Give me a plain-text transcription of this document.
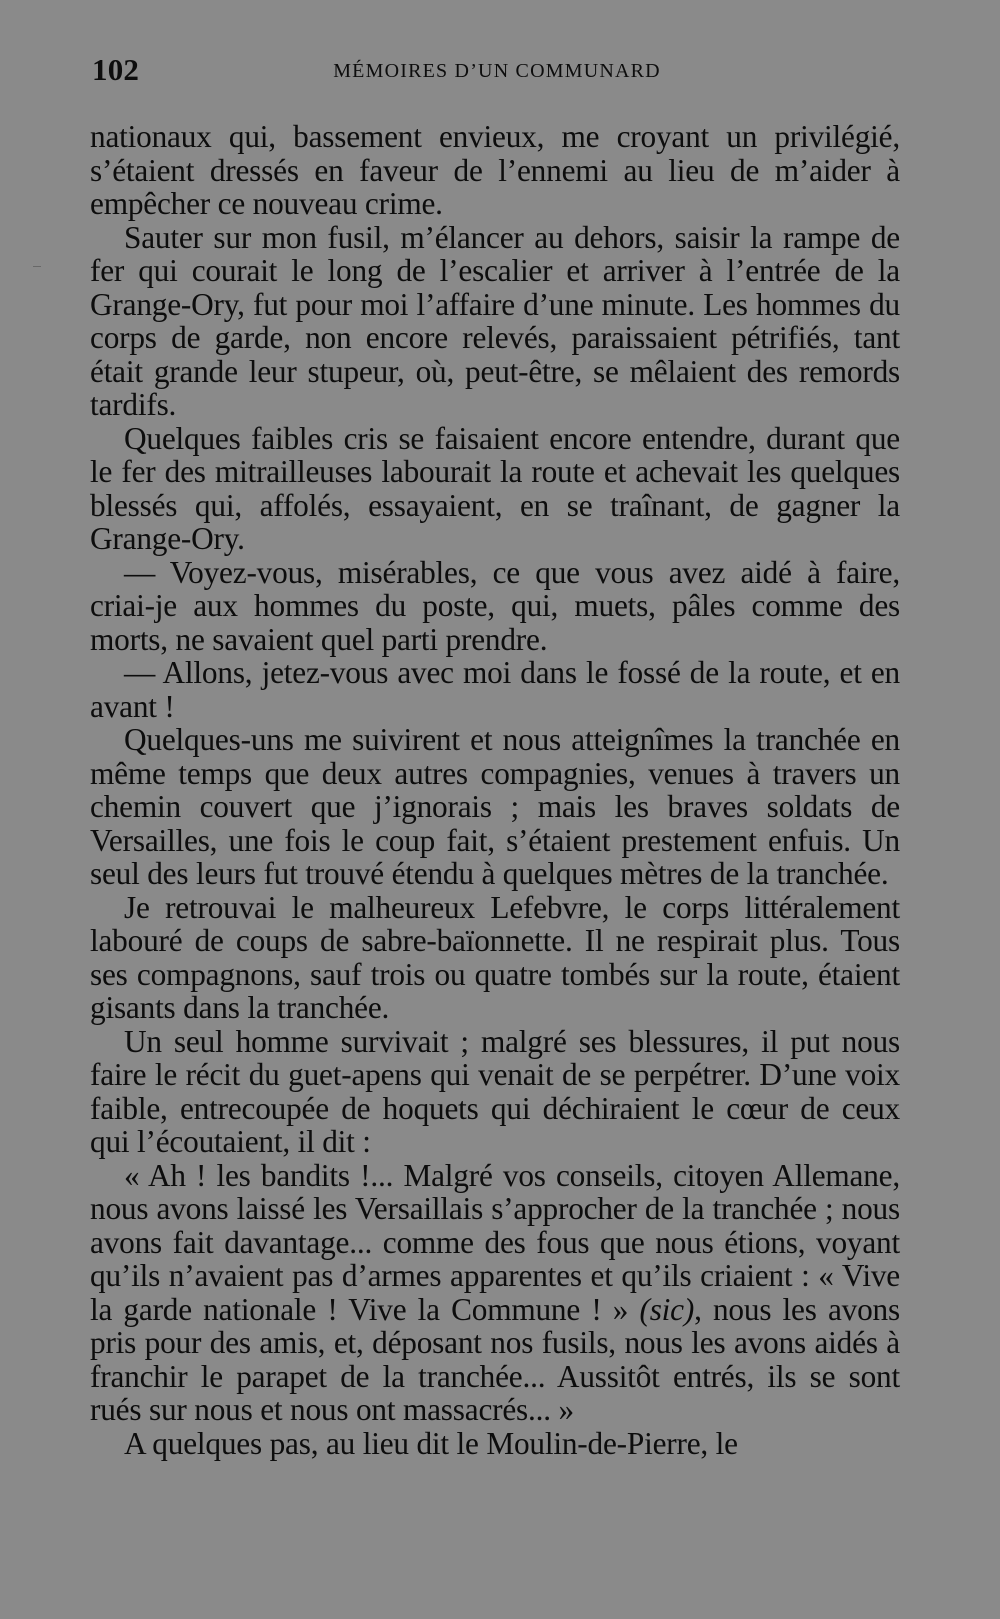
102	MÉMOIRES D’UN COMMUNARD

nationaux qui, bassement envieux, me croyant un privilégié, s’étaient dressés en faveur de l’ennemi au lieu de m’aider à empêcher ce nouveau crime.

Sauter sur mon fusil, m’élancer au dehors, saisir la rampe de fer qui courait le long de l’escalier et arriver à l’entrée de la Grange-Ory, fut pour moi l’affaire d’une minute. Les hommes du corps de garde, non encore relevés, paraissaient pétrifiés, tant était grande leur stupeur, où, peut-être, se mêlaient des remords tardifs.

Quelques faibles cris se faisaient encore entendre, durant que le fer des mitrailleuses labourait la route et achevait les quelques blessés qui, affolés, essayaient, en se traînant, de gagner la Grange-Ory.

— Voyez-vous, misérables, ce que vous avez aidé à faire, criai-je aux hommes du poste, qui, muets, pâles comme des morts, ne savaient quel parti prendre.

— Allons, jetez-vous avec moi dans le fossé de la route, et en avant !

Quelques-uns me suivirent et nous atteignîmes la tranchée en même temps que deux autres compagnies, venues à travers un chemin couvert que j’ignorais ; mais les braves soldats de Versailles, une fois le coup fait, s’étaient prestement enfuis. Un seul des leurs fut trouvé étendu à quelques mètres de la tranchée.

Je retrouvai le malheureux Lefebvre, le corps littéralement labouré de coups de sabre-baïonnette. Il ne respirait plus. Tous ses compagnons, sauf trois ou quatre tombés sur la route, étaient gisants dans la tranchée.

Un seul homme survivait ; malgré ses blessures, il put nous faire le récit du guet-apens qui venait de se perpétrer. D’une voix faible, entrecoupée de hoquets qui déchiraient le cœur de ceux qui l’écoutaient, il dit :

« Ah ! les bandits !... Malgré vos conseils, citoyen Allemane, nous avons laissé les Versaillais s’approcher de la tranchée ; nous avons fait davantage... comme des fous que nous étions, voyant qu’ils n’avaient pas d’armes apparentes et qu’ils criaient : « Vive la garde nationale ! Vive la Commune ! » (sic), nous les avons pris pour des amis, et, déposant nos fusils, nous les avons aidés à franchir le parapet de la tranchée... Aussitôt entrés, ils se sont rués sur nous et nous ont massacrés... »

A quelques pas, au lieu dit le Moulin-de-Pierre, le
